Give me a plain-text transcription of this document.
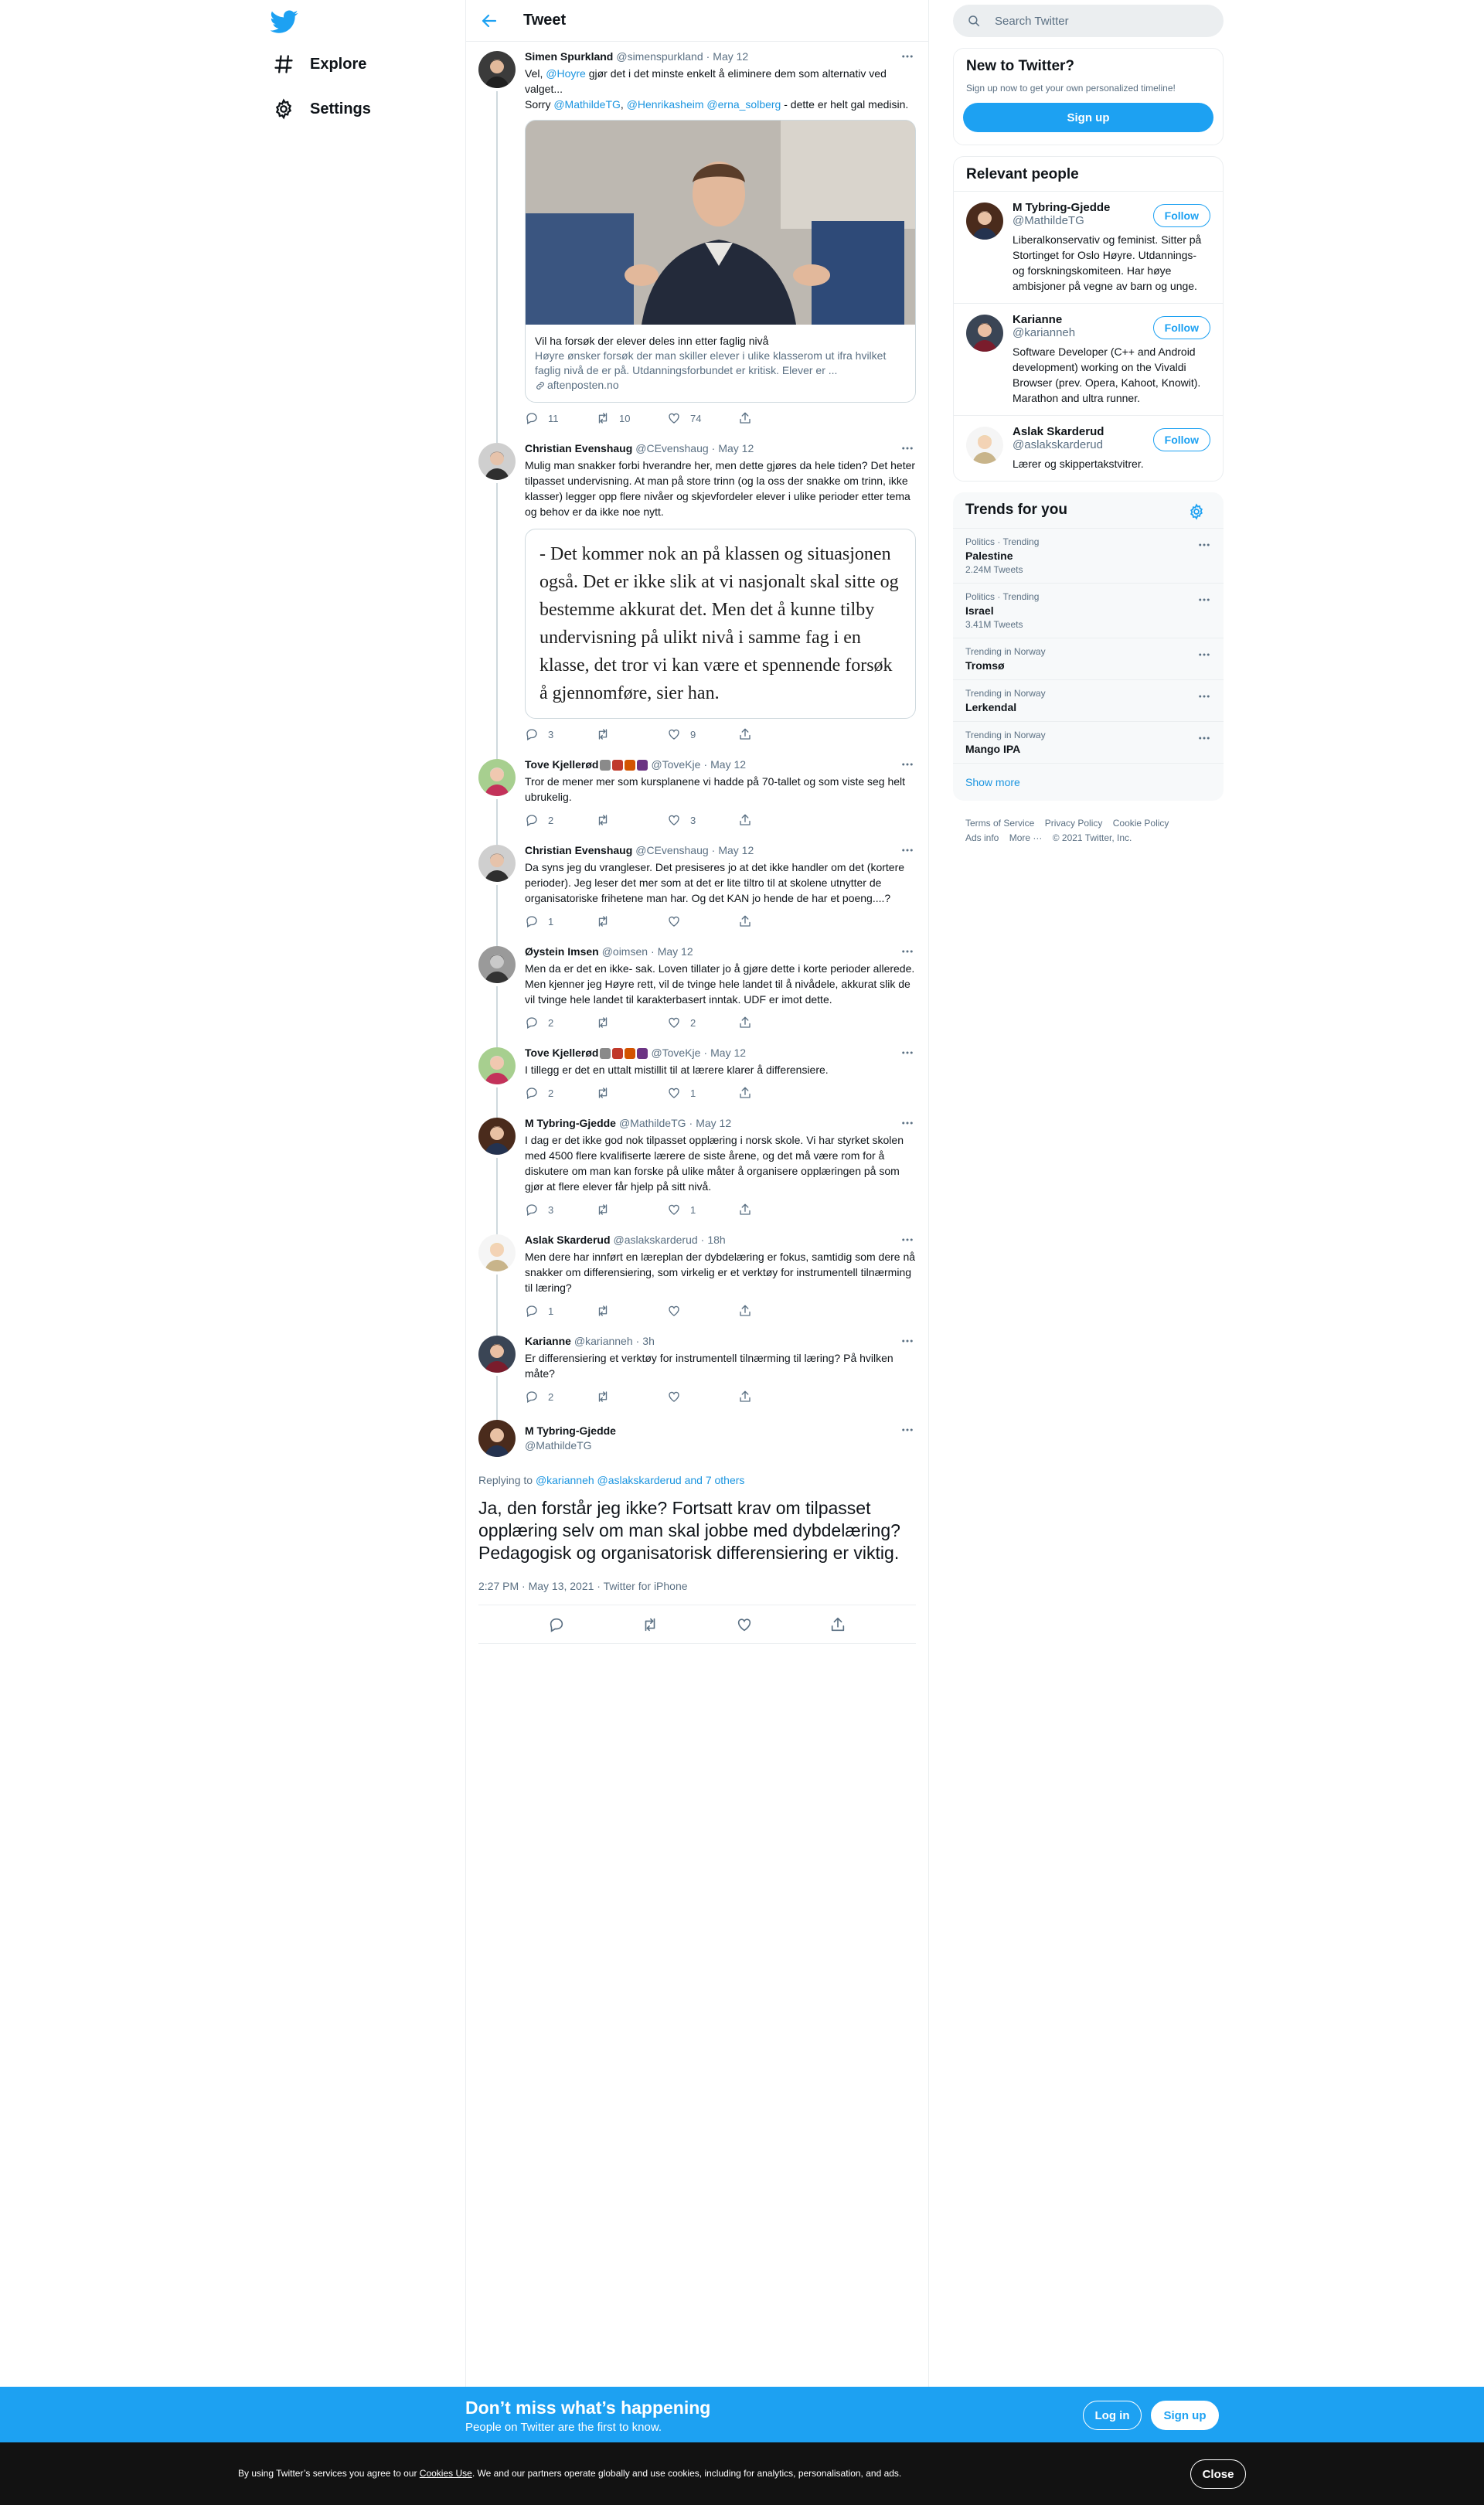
Explore
Settings
Tweet
Simen Spurkland @simenspurkland · May 12
Vel, @Hoyre gjør det i det minste enkelt å eliminere dem som alternativ ved valget...
Sorry @MathildeTG, @Henrikasheim @erna_solberg - dette er helt gal medisin.
Vil ha forsøk der elever deles inn etter faglig nivå
Høyre ønsker forsøk der man skiller elever i ulike klasserom ut ifra hvilket faglig nivå de er på. Utdanningsforbundet er kritisk. Elever er ...
aftenposten.no
11	10	74
Christian Evenshaug @CEvenshaug · May 12
Mulig man snakker forbi hverandre her, men dette gjøres da hele tiden? Det heter tilpasset undervisning. At man på store trinn (og la oss der snakke om trinn, ikke klasser) legger opp flere nivåer og skjevfordeler elever i ulike perioder etter tema og behov er da ikke noe nytt.
- Det kommer nok an på klassen og situasjonen også. Det er ikke slik at vi nasjonalt skal sitte og bestemme akkurat det. Men det å kunne tilby undervisning på ulikt nivå i samme fag i en klasse, det tror vi kan være et spennende forsøk å gjennomføre, sier han.
3	9
Tove Kjellerød	@ToveKje · May 12
Tror de mener mer som kursplanene vi hadde på 70-tallet og som viste seg helt ubrukelig.
2	3
Christian Evenshaug @CEvenshaug · May 12
Da syns jeg du vrangleser. Det presiseres jo at det ikke handler om det (kortere perioder). Jeg leser det mer som at det er lite tiltro til at skolene utnytter de organisatoriske frihetene man har. Og det KAN jo hende de har et poeng....?
1
Øystein Imsen @oimsen · May 12
Men da er det en ikke- sak. Loven tillater jo å gjøre dette i korte perioder allerede. Men kjenner jeg Høyre rett, vil de tvinge hele landet til å nivådele, akkurat slik de vil tvinge hele landet til karakterbasert inntak. UDF er imot dette.
2	2
Tove Kjellerød	@ToveKje · May 12
I tillegg er det en uttalt mistillit til at lærere klarer å differensiere.
2	1
M Tybring-Gjedde @MathildeTG · May 12
I dag er det ikke god nok tilpasset opplæring i norsk skole. Vi har styrket skolen med 4500 flere kvalifiserte lærere de siste årene, og det må være rom for å diskutere om man kan forske på ulike måter å organisere opplæringen på som gjør at flere elever får hjelp på sitt nivå.
3	1
Aslak Skarderud @aslakskarderud · 18h
Men dere har innført en læreplan der dybdelæring er fokus, samtidig som dere nå snakker om differensiering, som virkelig er et verktøy for instrumentell tilnærming til læring?
1
Karianne @karianneh · 3h
Er differensiering et verktøy for instrumentell tilnærming til læring? På hvilken måte?
2
M Tybring-Gjedde
@MathildeTG
Replying to @karianneh @aslakskarderud and 7 others
Ja, den forstår jeg ikke? Fortsatt krav om tilpasset opplæring selv om man skal jobbe med dybdelæring? Pedagogisk og organisatorisk differensiering er viktig.
2:27 PM · May 13, 2021 · Twitter for iPhone
Search Twitter
New to Twitter?
Sign up now to get your own personalized timeline!
Sign up
Relevant people
M Tybring-Gjedde
@MathildeTG
Liberalkonservativ og feminist. Sitter på Stortinget for Oslo Høyre. Utdannings- og forskningskomiteen. Har høye ambisjoner på vegne av barn og unge.
Follow
Karianne
@karianneh
Software Developer (C++ and Android development) working on the Vivaldi Browser (prev. Opera, Kahoot, Knowit). Marathon and ultra runner.
Follow
Aslak Skarderud
@aslakskarderud
Lærer og skippertakstvitrer.
Follow
Trends for you
Politics · Trending
Palestine
2.24M Tweets
Politics · Trending
Israel
3.41M Tweets
Trending in Norway
Tromsø
Trending in Norway
Lerkendal
Trending in Norway
Mango IPA
Show more
Terms of Service Privacy Policy Cookie Policy
Ads info More ··· © 2021 Twitter, Inc.
Don’t miss what’s happening
People on Twitter are the first to know.
Log in	Sign up
By using Twitter’s services you agree to our Cookies Use. We and our partners operate globally and use cookies, including for analytics, personalisation, and ads.	Close
